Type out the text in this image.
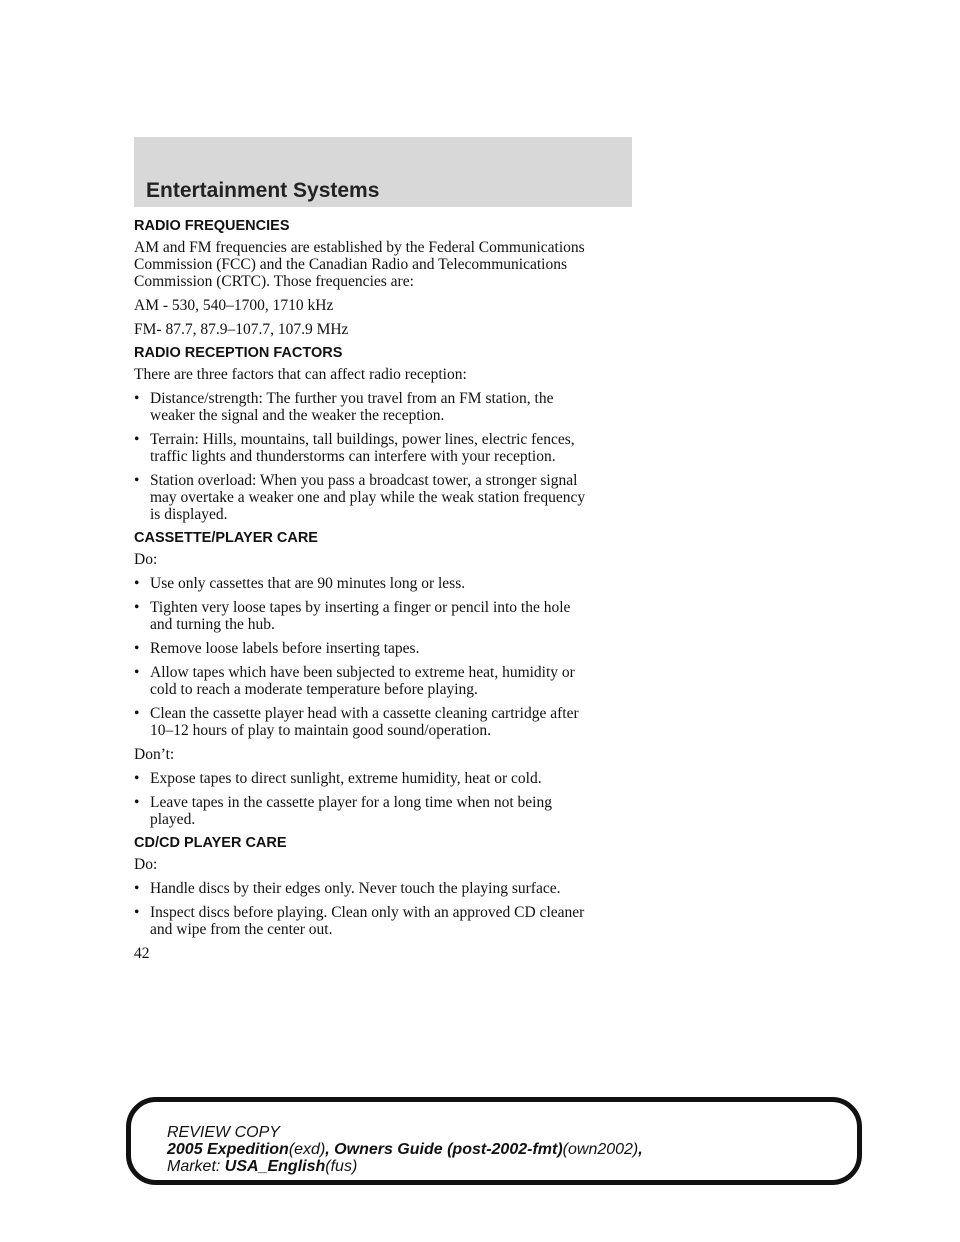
Entertainment Systems
RADIO FREQUENCIES
AM and FM frequencies are established by the Federal Communications
Commission (FCC) and the Canadian Radio and Telecommunications
Commission (CRTC). Those frequencies are:
AM - 530, 540–1700, 1710 kHz
FM- 87.7, 87.9–107.7, 107.9 MHz
RADIO RECEPTION FACTORS
There are three factors that can affect radio reception:
• Distance/strength: The further you travel from an FM station, the
weaker the signal and the weaker the reception.
• Terrain: Hills, mountains, tall buildings, power lines, electric fences,
traffic lights and thunderstorms can interfere with your reception.
• Station overload: When you pass a broadcast tower, a stronger signal
may overtake a weaker one and play while the weak station frequency
is displayed.
CASSETTE/PLAYER CARE
Do:
• Use only cassettes that are 90 minutes long or less.
• Tighten very loose tapes by inserting a finger or pencil into the hole
and turning the hub.
• Remove loose labels before inserting tapes.
• Allow tapes which have been subjected to extreme heat, humidity or
cold to reach a moderate temperature before playing.
• Clean the cassette player head with a cassette cleaning cartridge after
10–12 hours of play to maintain good sound/operation.
Don’t:
• Expose tapes to direct sunlight, extreme humidity, heat or cold.
• Leave tapes in the cassette player for a long time when not being
played.
CD/CD PLAYER CARE
Do:
• Handle discs by their edges only. Never touch the playing surface.
• Inspect discs before playing. Clean only with an approved CD cleaner
and wipe from the center out.
42
REVIEW COPY
2005 Expedition(exd), Owners Guide (post-2002-fmt)(own2002),
Market: USA_English(fus)
